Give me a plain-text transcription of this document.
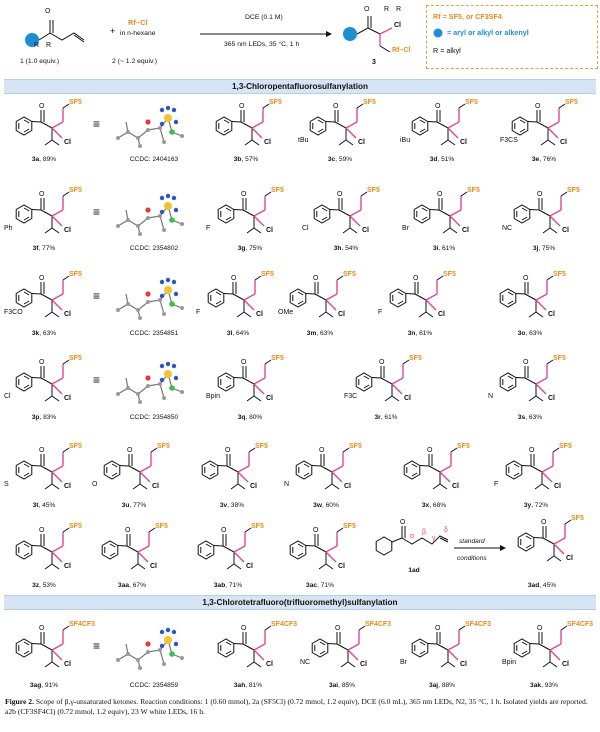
O
R R
1 (1.0 equiv.)
+
Rf–Cl
in n-hexane
2 (~ 1.2 equiv.)
DCE (0.1 M)
365 nm LEDs, 35 °C, 1 h
O R R
Cl
Rf–Cl
3
Rf = SF5, or CF3SF4
= aryl or alkyl or alkenyl
R = alkyl
1,3-Chloropentafluorosulfanylation
O
SF5
Cl
≡
O
SF5
Cl
O
SF5
Cl
tBu
O
SF5
Cl
iBu
O
SF5
Cl
F3CS
O
SF5
Cl
Ph
≡
O
SF5
Cl
F
O
SF5
Cl
Cl
O
SF5
Cl
Br
O
SF5
Cl
NC
O
SF5
Cl
F3CO
≡
O
SF5
Cl
F
O
SF5
Cl
OMe
O
SF5
Cl
F
O
SF5
Cl
O
SF5
Cl
Cl
≡
O
SF5
Cl
Bpin
O
SF5
Cl
F3C
O
SF5
Cl
N
O
SF5
Cl
S
O
SF5
Cl
O
O
SF5
Cl
O
SF5
Cl
N
O
SF5
Cl
O
SF5
Cl
F
O
SF5
Cl
O
SF5
Cl
O
SF5
Cl
O
SF5
Cl
O
α
β
γ
δ
O
SF5
Cl
O
SF4CF3
Cl
≡
O
SF4CF3
Cl
O
SF4CF3
Cl
NC
O
SF4CF3
Cl
Br
O
SF4CF3
Cl
Bpin
3a, 89%	CCDC: 2404163	3b, 57%	3c, 59%	3d, 51%	3e, 76%
3f, 77%	CCDC: 2354802	3g, 75%	3h, 54%	3i, 61%	3j, 75%
3k, 63%	CCDC: 2354851	3l, 64%	3m, 63%	3n, 61%	3o, 63%
3p, 83%	CCDC: 2354850	3q, 80%	3r, 61%	3s, 63%
3t, 45%	3u, 77%	3v, 38%	3w, 60%	3x, 68%	3y, 72%
3z, 53%	3aa, 67%	3ab, 71%	3ac, 71%
1ad
3ad, 45%
standard
conditions
1,3-Chlorotetrafluoro(trifluoromethyl)sulfanylation
3ag, 91%	CCDC: 2354859	3ah, 81%	3ai, 85%	3aj, 88%	3ak, 93%
Figure 2. Scope of β,γ-unsaturated ketones. Reaction conditions: 1 (0.60 mmol), 2a (SF5Cl) (0.72 mmol, 1.2 equiv), DCE (6.0 mL), 365 nm LEDs, N2, 35 °C, 1 h. Isolated yields are reported. a2b (CF3SF4Cl) (0.72 mmol, 1.2 equiv), 23 W white LEDs, 16 h.
